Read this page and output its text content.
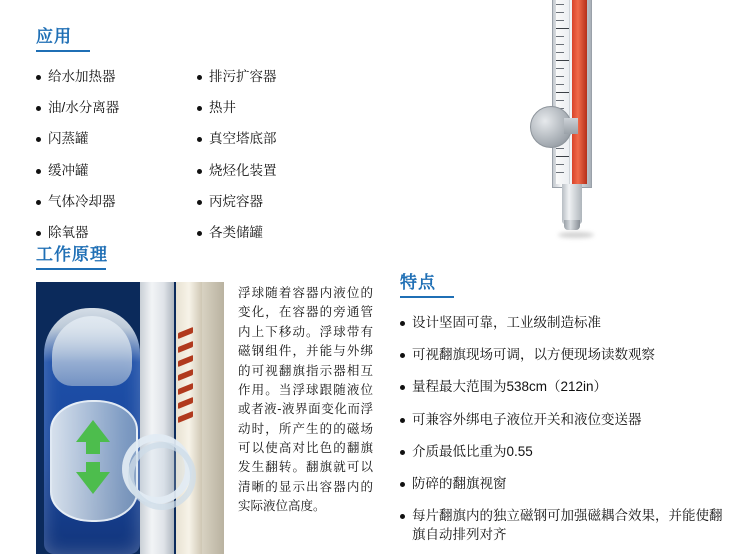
应用
给水加热器
油/水分离器
闪蒸罐
缓冲罐
气体冷却器
除氧器
排污扩容器
热井
真空塔底部
烧烃化装置
丙烷容器
各类储罐
工作原理
浮球随着容器内液位的变化，在容器的旁通管内上下移动。浮球带有磁钢组件，并能与外绑的可视翻旗指示器相互作用。当浮球跟随液位或者液-液界面变化而浮动时，所产生的的磁场可以使高对比色的翻旗发生翻转。翻旗就可以清晰的显示出容器内的实际液位高度。
特点
设计坚固可靠，工业级制造标准
可视翻旗现场可调，以方便现场读数观察
量程最大范围为538cm（212in）
可兼容外绑电子液位开关和液位变送器
介质最低比重为0.55
防碎的翻旗视窗
每片翻旗内的独立磁钢可加强磁耦合效果，并能使翻旗自动排列对齐
